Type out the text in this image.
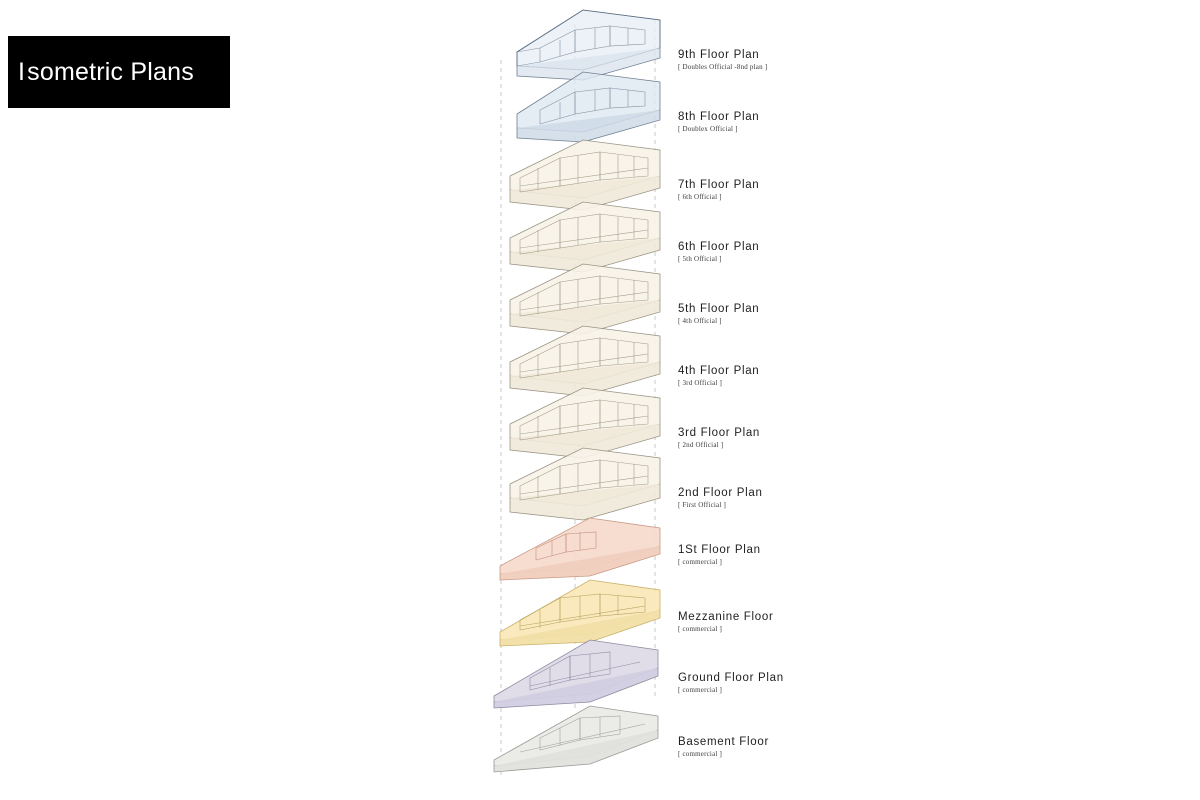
Isometric Plans
9th Floor Plan
[ Doubles Official -8nd plan ]
8th Floor Plan
[ Doublex Official ]
7th Floor Plan
[ 6th Official ]
6th Floor Plan
[ 5th Official ]
5th Floor Plan
[ 4th Official ]
4th Floor Plan
[ 3rd Official ]
3rd Floor Plan
[ 2nd Official ]
2nd Floor Plan
[ First Official ]
1St Floor Plan
[ commercial ]
Mezzanine Floor
[ commercial ]
Ground Floor Plan
[ commercial ]
Basement Floor
[ commercial ]
